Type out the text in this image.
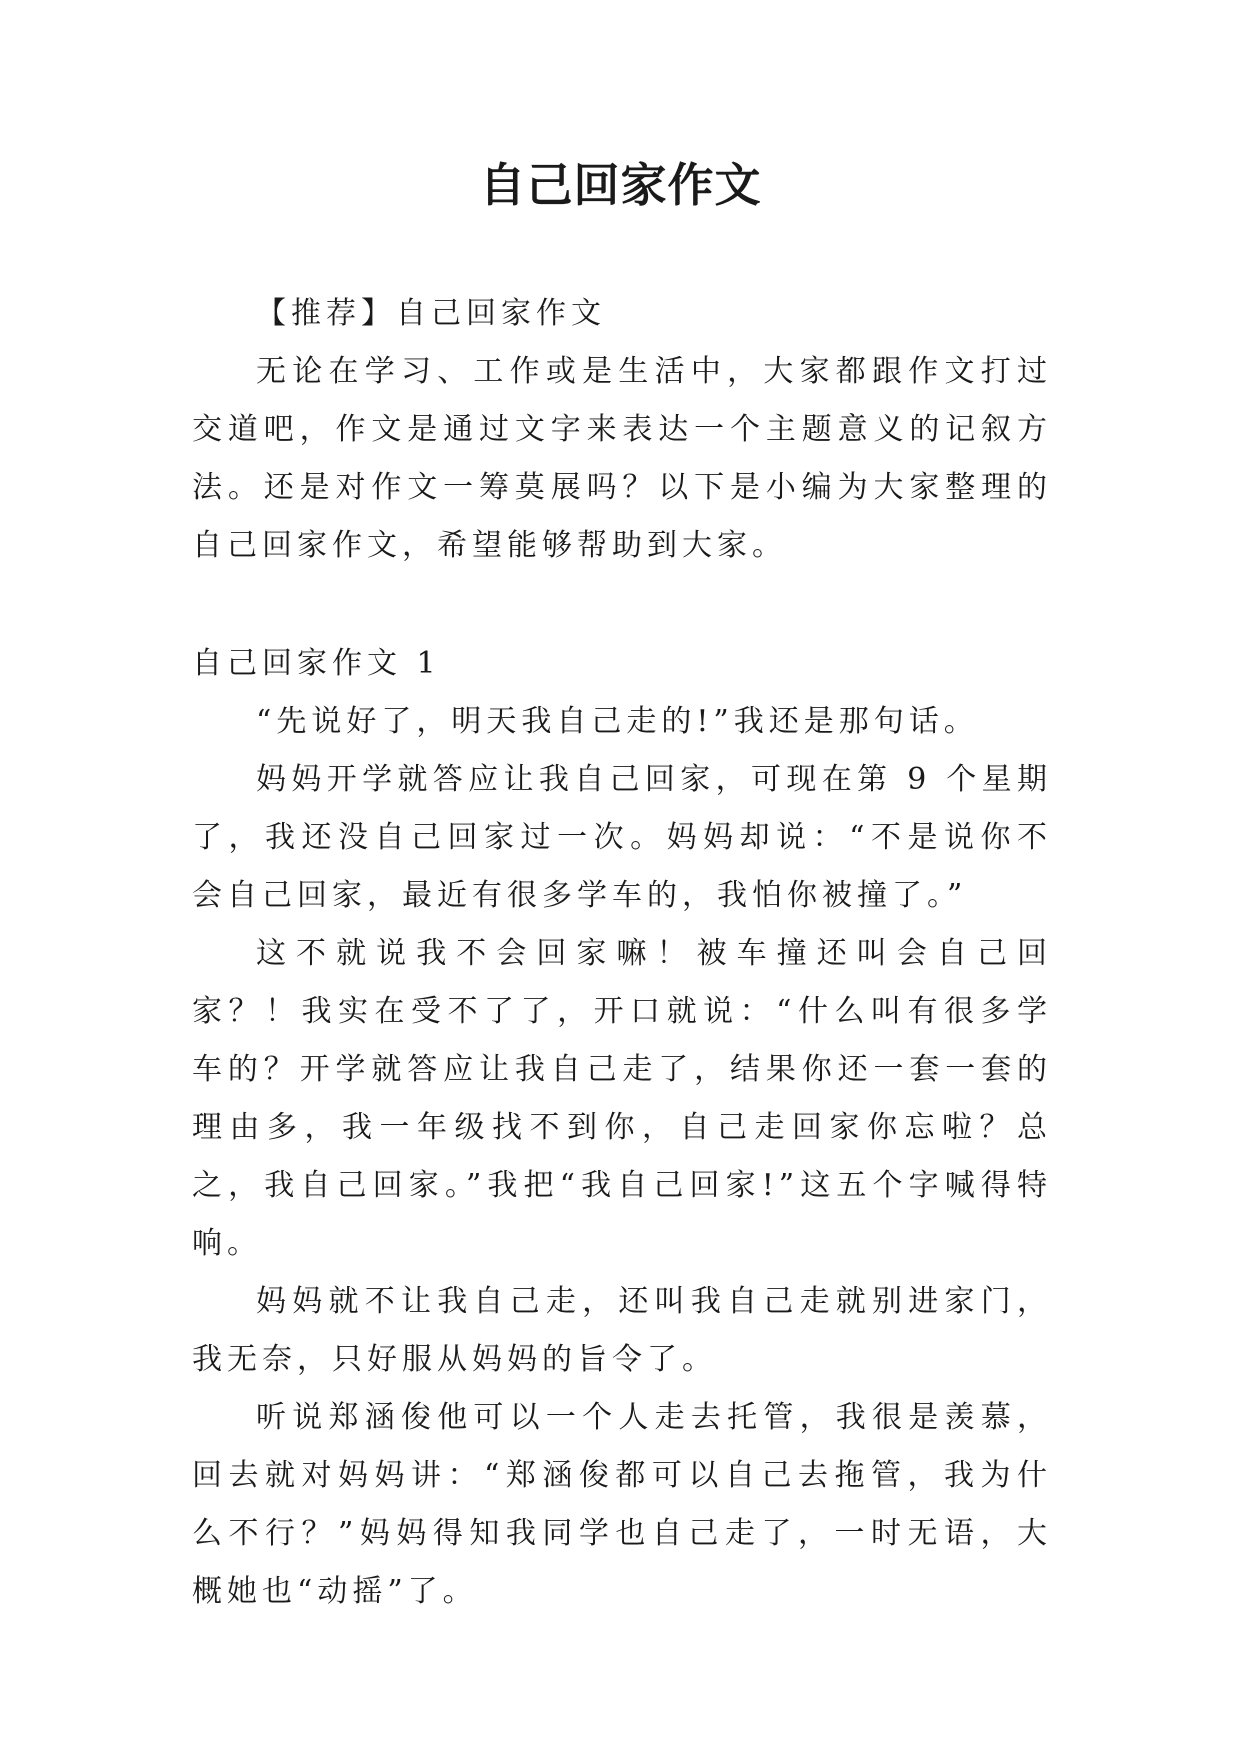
自己回家作文

【推荐】自己回家作文

无论在学习、工作或是生活中，大家都跟作文打过交道吧，作文是通过文字来表达一个主题意义的记叙方法。还是对作文一筹莫展吗？以下是小编为大家整理的自己回家作文，希望能够帮助到大家。

自己回家作文 1

“先说好了，明天我自己走的!”我还是那句话。

妈妈开学就答应让我自己回家，可现在第 9 个星期了，我还没自己回家过一次。妈妈却说：“不是说你不会自己回家，最近有很多学车的，我怕你被撞了。”

这不就说我不会回家嘛！被车撞还叫会自己回家？！我实在受不了了，开口就说：“什么叫有很多学车的？开学就答应让我自己走了，结果你还一套一套的理由多，我一年级找不到你，自己走回家你忘啦？总之，我自己回家。”我把“我自己回家!”这五个字喊得特响。

妈妈就不让我自己走，还叫我自己走就别进家门，我无奈，只好服从妈妈的旨令了。

听说郑涵俊他可以一个人走去托管，我很是羡慕，回去就对妈妈讲：“郑涵俊都可以自己去拖管，我为什么不行？”妈妈得知我同学也自己走了，一时无语，大概她也“动摇”了。
